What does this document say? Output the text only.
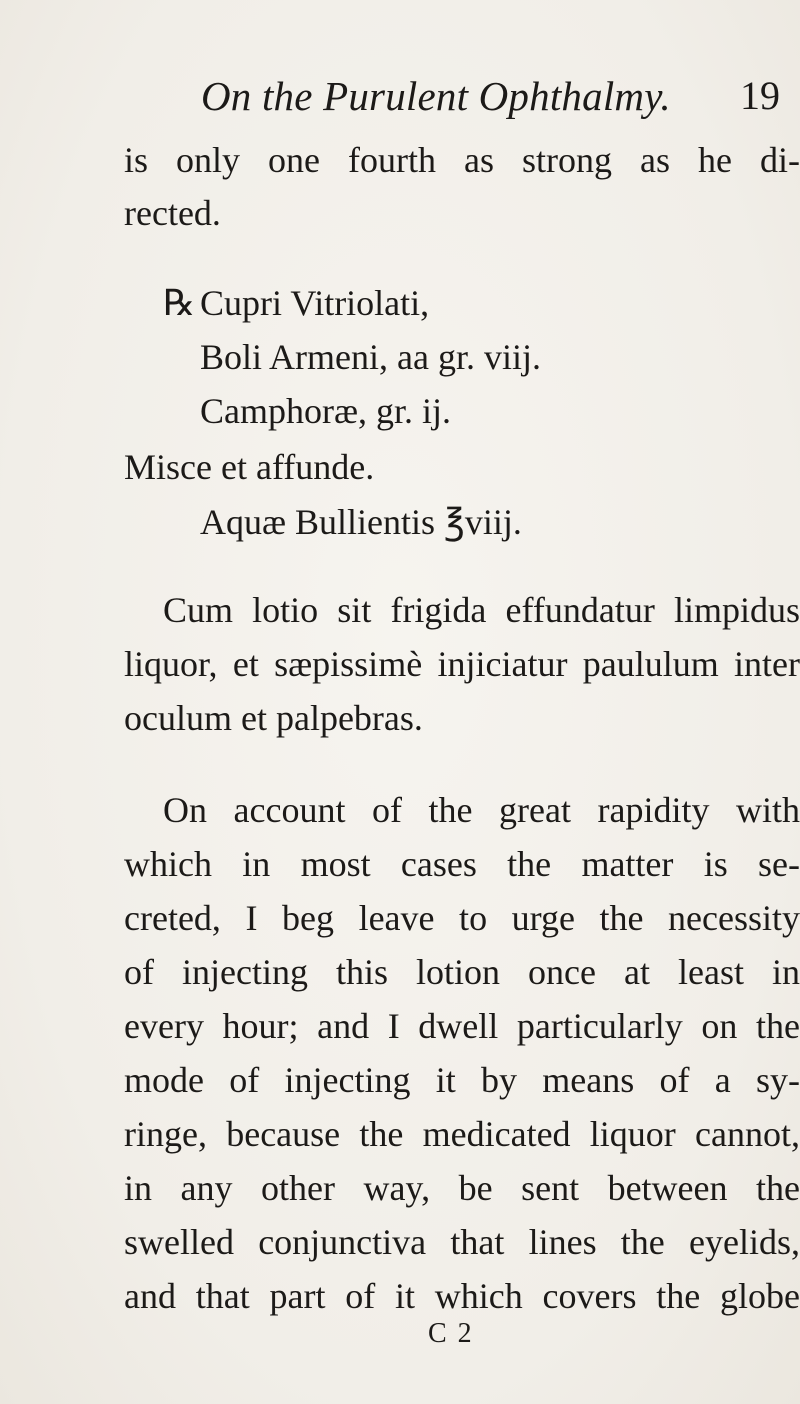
On the Purulent Ophthalmy. 19
is only one fourth as strong as he di-
rected.
℞ Cupri Vitriolati,
Boli Armeni, aa gr. viij.
Camphoræ, gr. ij.
Misce et affunde.
Aquæ Bullientis ℥viij.
Cum lotio sit frigida effundatur limpidus
liquor, et sæpissimè injiciatur paululum inter
oculum et palpebras.
On account of the great rapidity with
which in most cases the matter is se-
creted, I beg leave to urge the necessity
of injecting this lotion once at least in
every hour; and I dwell particularly on the
mode of injecting it by means of a sy-
ringe, because the medicated liquor cannot,
in any other way, be sent between the
swelled conjunctiva that lines the eyelids,
and that part of it which covers the globe
C 2
